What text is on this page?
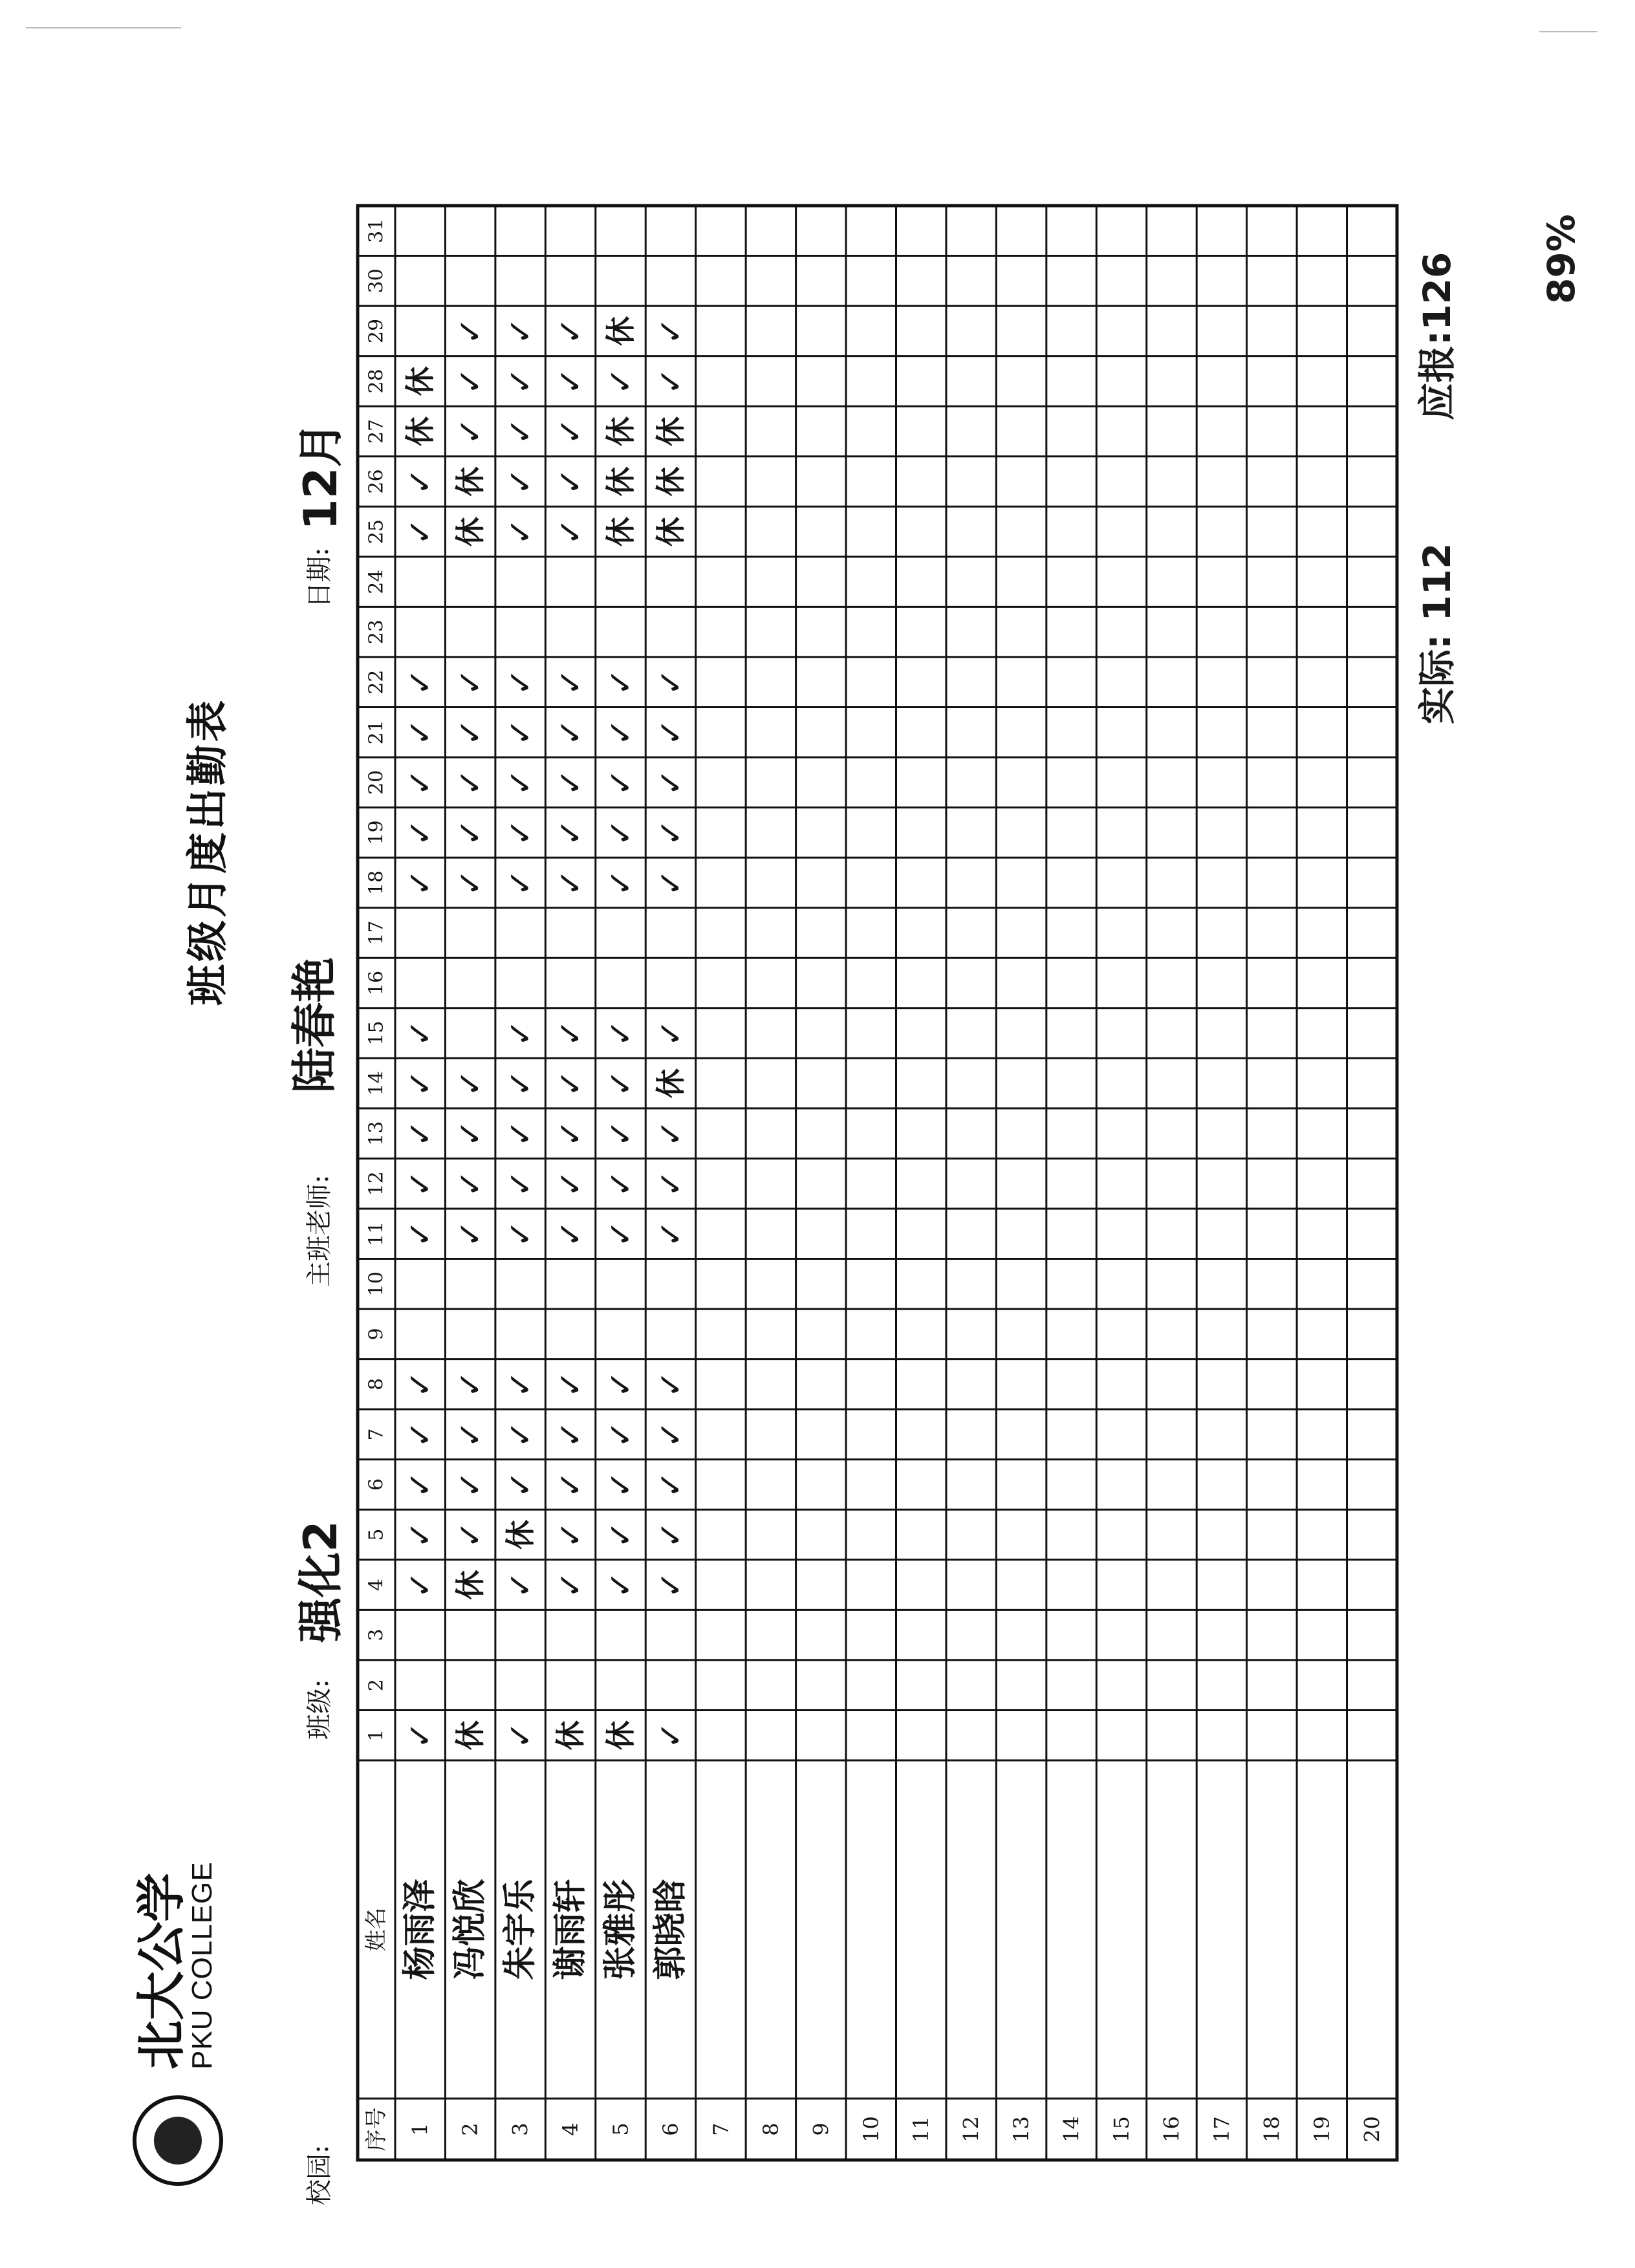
北大公学
PKU COLLEGE
班级月度出勤表
校园:
班级:
强化2
主班老师:
陆春艳
日期:
12月
序号
姓名
1
2
3
4
5
6
7
8
9
10
11
12
13
14
15
16
17
18
19
20
21
22
23
24
25
26
27
28
29
30
31
1
杨雨泽
✓
✓
✓
✓
✓
✓
✓
✓
✓
✓
✓
✓
✓
✓
✓
✓
✓
✓
休
休
2
冯悦欣
休
休
✓
✓
✓
✓
✓
✓
✓
✓
✓
✓
✓
✓
✓
休
休
✓
✓
✓
3
朱宇乐
✓
✓
休
✓
✓
✓
✓
✓
✓
✓
✓
✓
✓
✓
✓
✓
✓
✓
✓
✓
✓
4
谢雨轩
休
✓
✓
✓
✓
✓
✓
✓
✓
✓
✓
✓
✓
✓
✓
✓
✓
✓
✓
✓
✓
5
张雅彤
休
✓
✓
✓
✓
✓
✓
✓
✓
✓
✓
✓
✓
✓
✓
✓
休
休
休
✓
休
6
郭晓晗
✓
✓
✓
✓
✓
✓
✓
✓
✓
休
✓
✓
✓
✓
✓
✓
休
休
休
✓
✓
7 8 9 10 11 12 13 14 15 16 17 18 19 20
实际: 112
应报:126 89%
